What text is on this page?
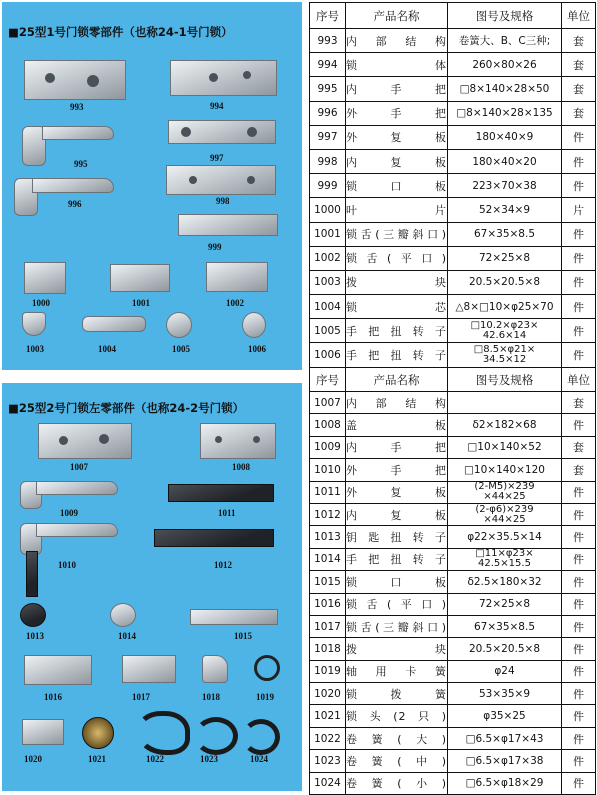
■25型1号门锁零部件（也称24-1号门锁）
993	994
995
997
996	998
999
1000	1001	1002
1003	1004	1005	1006
■25型2号门锁左零部件（也称24-2号门锁）
1007	1008
1009	1011
1010	1012
1013	1014	1015
1016	1017	1018	1019
1020	1021	1022	1023	1024
序号	产品名称	图号及规格	单位
993	内部结构	卷簧大、B、C三种;	套
994	锁体	260×80×26	套
995	内手把	□8×140×28×50	套
996	外手把	□8×140×28×135	套
997	外复板	180×40×9	件
998	内复板	180×40×20	件
999	锁口板	223×70×38	件
1000	叶片	52×34×9	片
1001	锁舌(三瓣斜口)	67×35×8.5	件
1002	锁舌(平口)	72×25×8	件
1003	拨块	20.5×20.5×8	件
1004	锁芯	△8×□10×φ25×70	件
1005	手把扭转子	□10.2×φ23×
42.6×14	件
1006	手把扭转子	□8.5×φ21×
34.5×12	件
序号	产品名称	图号及规格	单位
1007	内部结构		套
1008	盖板	δ2×182×68	件
1009	内手把	□10×140×52	套
1010	外手把	□10×140×120	套
1011	外复板	(2-M5)×239
×44×25	件
1012	内复板	(2-φ6)×239
×44×25	件
1013	钥匙扭转子	φ22×35.5×14	件
1014	手把扭转子	□11×φ23×
42.5×15.5	件
1015	锁口板	δ2.5×180×32	件
1016	锁舌(平口)	72×25×8	件
1017	锁舌(三瓣斜口)	67×35×8.5	件
1018	拨块	20.5×20.5×8	件
1019	轴用卡簧	φ24	件
1020	锁拨簧	53×35×9	件
1021	锁头(2只)	φ35×25	件
1022	卷簧(大)	□6.5×φ17×43	件
1023	卷簧(中)	□6.5×φ17×38	件
1024	卷簧(小)	□6.5×φ18×29	件
